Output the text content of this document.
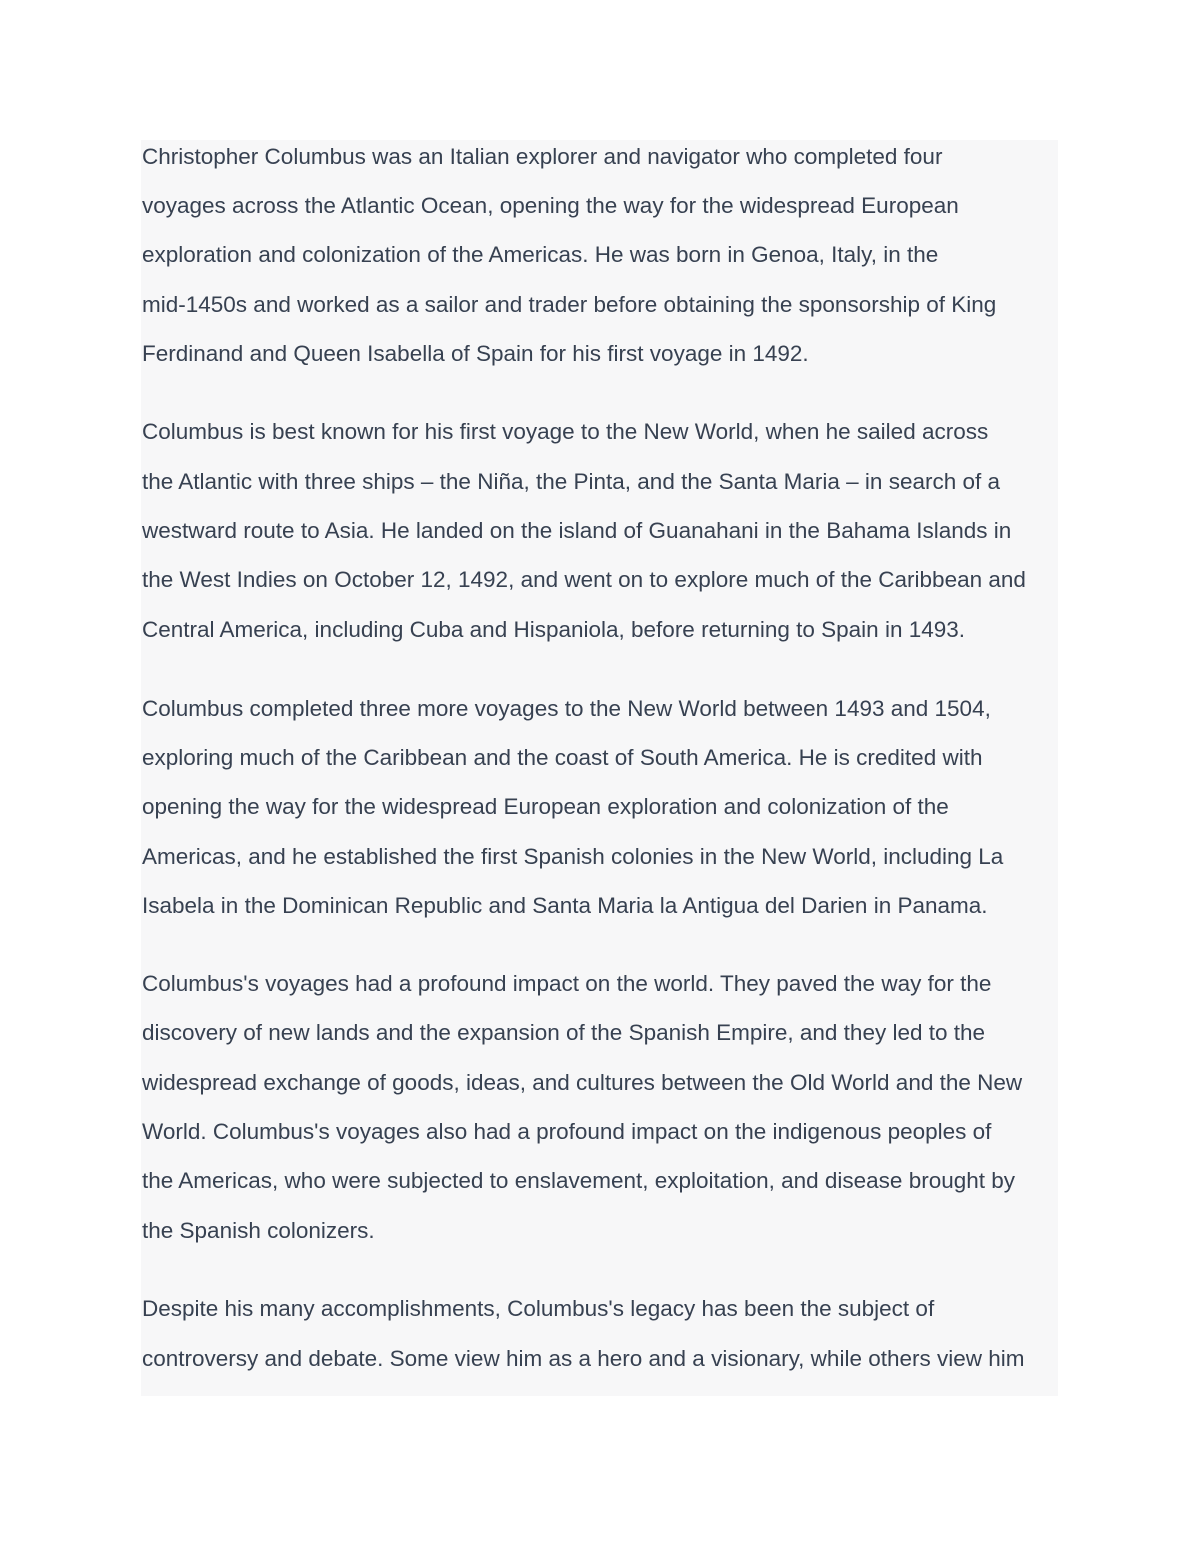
Christopher Columbus was an Italian explorer and navigator who completed four

voyages across the Atlantic Ocean, opening the way for the widespread European

exploration and colonization of the Americas. He was born in Genoa, Italy, in the

mid-1450s and worked as a sailor and trader before obtaining the sponsorship of King

Ferdinand and Queen Isabella of Spain for his first voyage in 1492.

Columbus is best known for his first voyage to the New World, when he sailed across

the Atlantic with three ships – the Niña, the Pinta, and the Santa Maria – in search of a

westward route to Asia. He landed on the island of Guanahani in the Bahama Islands in

the West Indies on October 12, 1492, and went on to explore much of the Caribbean and

Central America, including Cuba and Hispaniola, before returning to Spain in 1493.

Columbus completed three more voyages to the New World between 1493 and 1504,

exploring much of the Caribbean and the coast of South America. He is credited with

opening the way for the widespread European exploration and colonization of the

Americas, and he established the first Spanish colonies in the New World, including La

Isabela in the Dominican Republic and Santa Maria la Antigua del Darien in Panama.

Columbus's voyages had a profound impact on the world. They paved the way for the

discovery of new lands and the expansion of the Spanish Empire, and they led to the

widespread exchange of goods, ideas, and cultures between the Old World and the New

World. Columbus's voyages also had a profound impact on the indigenous peoples of

the Americas, who were subjected to enslavement, exploitation, and disease brought by

the Spanish colonizers.

Despite his many accomplishments, Columbus's legacy has been the subject of

controversy and debate. Some view him as a hero and a visionary, while others view him
